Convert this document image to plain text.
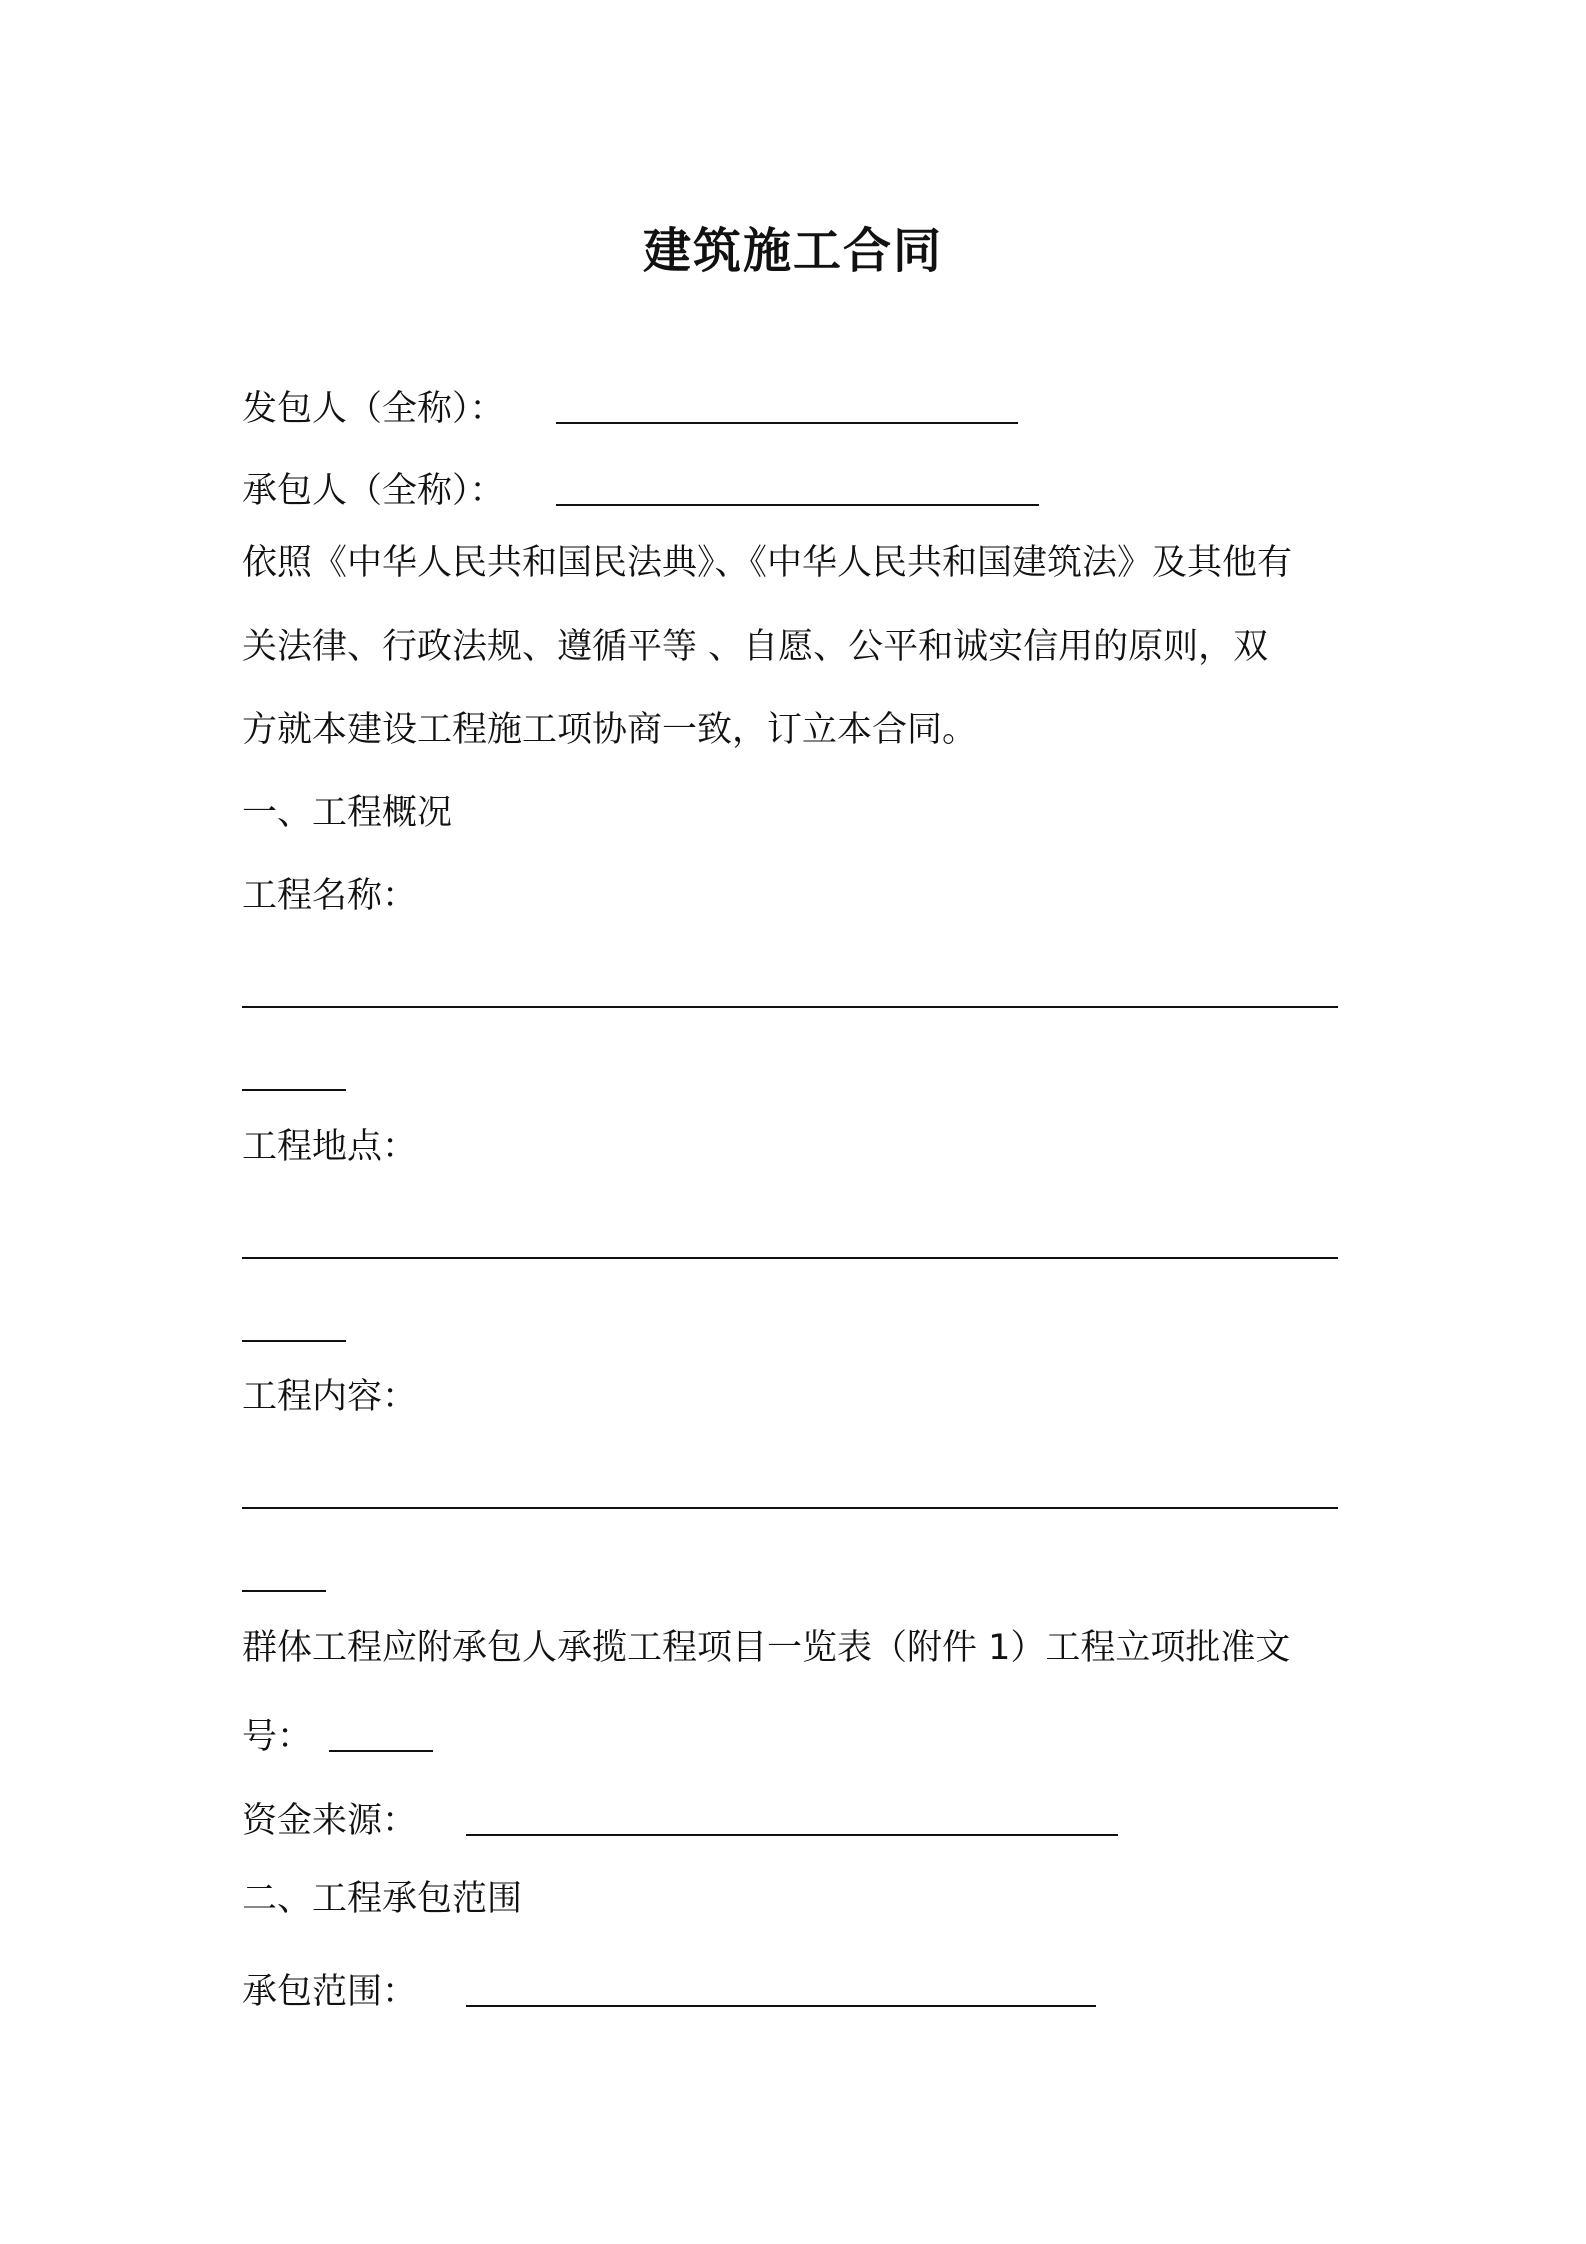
建筑施工合同
发包人（全称）：
承包人（全称）：
依照《中华人民共和国民法典》、《中华人民共和国建筑法》及其他有
关法律、行政法规、遵循平等 、自愿、公平和诚实信用的原则，双
方就本建设工程施工项协商一致，订立本合同。
一、工程概况
工程名称：
工程地点：
工程内容：
群体工程应附承包人承揽工程项目一览表（附件 1）工程立项批准文
号：
资金来源：
二、工程承包范围
承包范围：
